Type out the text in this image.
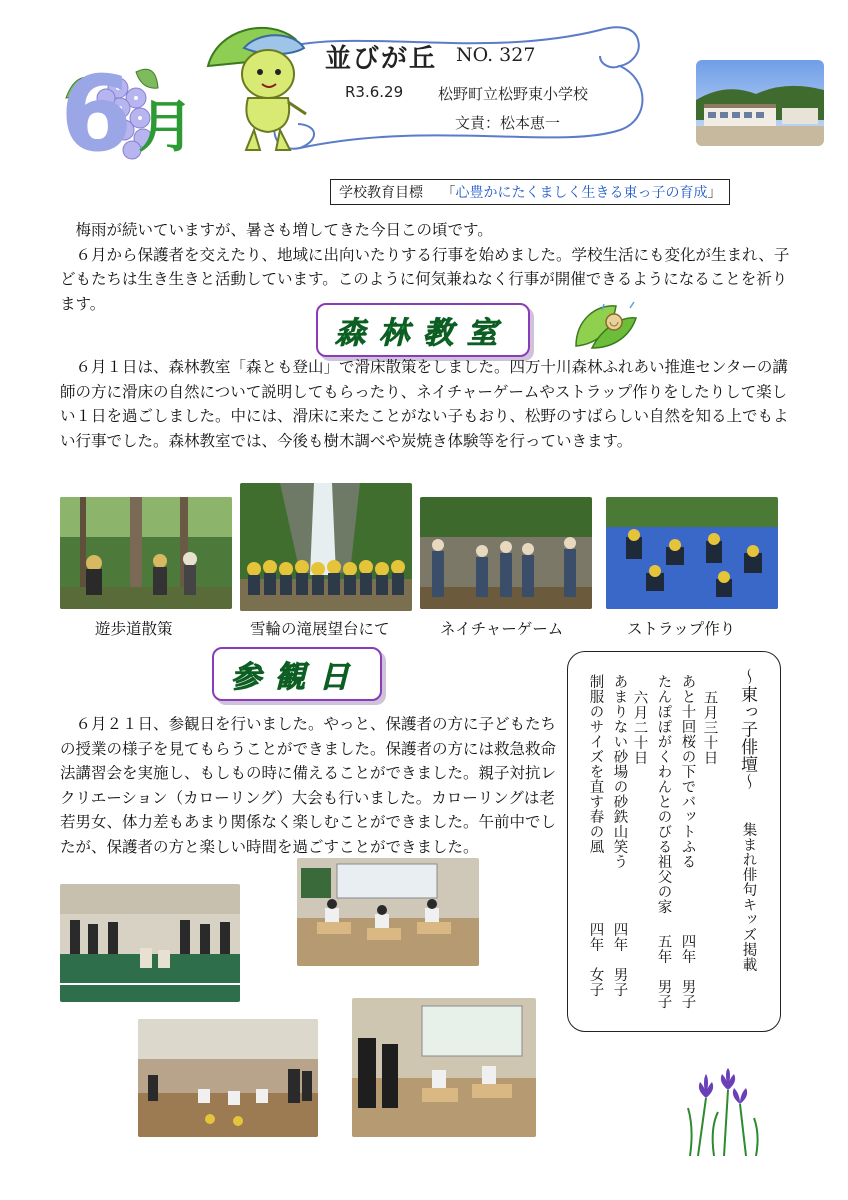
6 月
並びが丘 NO. 327
R3.6.29 松野町立松野東小学校
文責：松本恵一
学校教育目標　 「心豊かにたくましく生きる東っ子の育成」
　梅雨が続いていますが、暑さも増してきた今日この頃です。
　６月から保護者を交えたり、地域に出向いたりする行事を始めました。学校生活にも変化が生まれ、子どもたちは生き生きと活動しています。このように何気兼ねなく行事が開催できるようになることを祈ります。
森林教室
　６月１日は、森林教室「森とも登山」で滑床散策をしました。四万十川森林ふれあい推進センターの講師の方に滑床の自然について説明してもらったり、ネイチャーゲームやストラップ作りをしたりして楽しい１日を過ごしました。中には、滑床に来たことがない子もおり、松野のすばらしい自然を知る上でもよい行事でした。森林教室では、今後も樹木調べや炭焼き体験等を行っていきます。
遊歩道散策	雪輪の滝展望台にて	ネイチャーゲーム	ストラップ作り
参観日
　６月２１日、参観日を行いました。やっと、保護者の方に子どもたちの授業の様子を見てもらうことができました。保護者の方には救急救命法講習会を実施し、もしもの時に備えることができました。親子対抗レクリエーション（カローリング）大会も行いました。カローリングは老若男女、体力差もあまり関係なく楽しむことができました。午前中でしたが、保護者の方と楽しい時間を過ごすことができました。
～東っ子俳壇～
集まれ俳句キッズ掲載
五月三十日
あと十回桜の下でバットふる
四年　男子
たんぽぽがくわんとのびる祖父の家
五年　男子
六月二十日
あまりない砂場の砂鉄山笑う
四年　男子
制服のサイズを直す春の風
四年　女子
